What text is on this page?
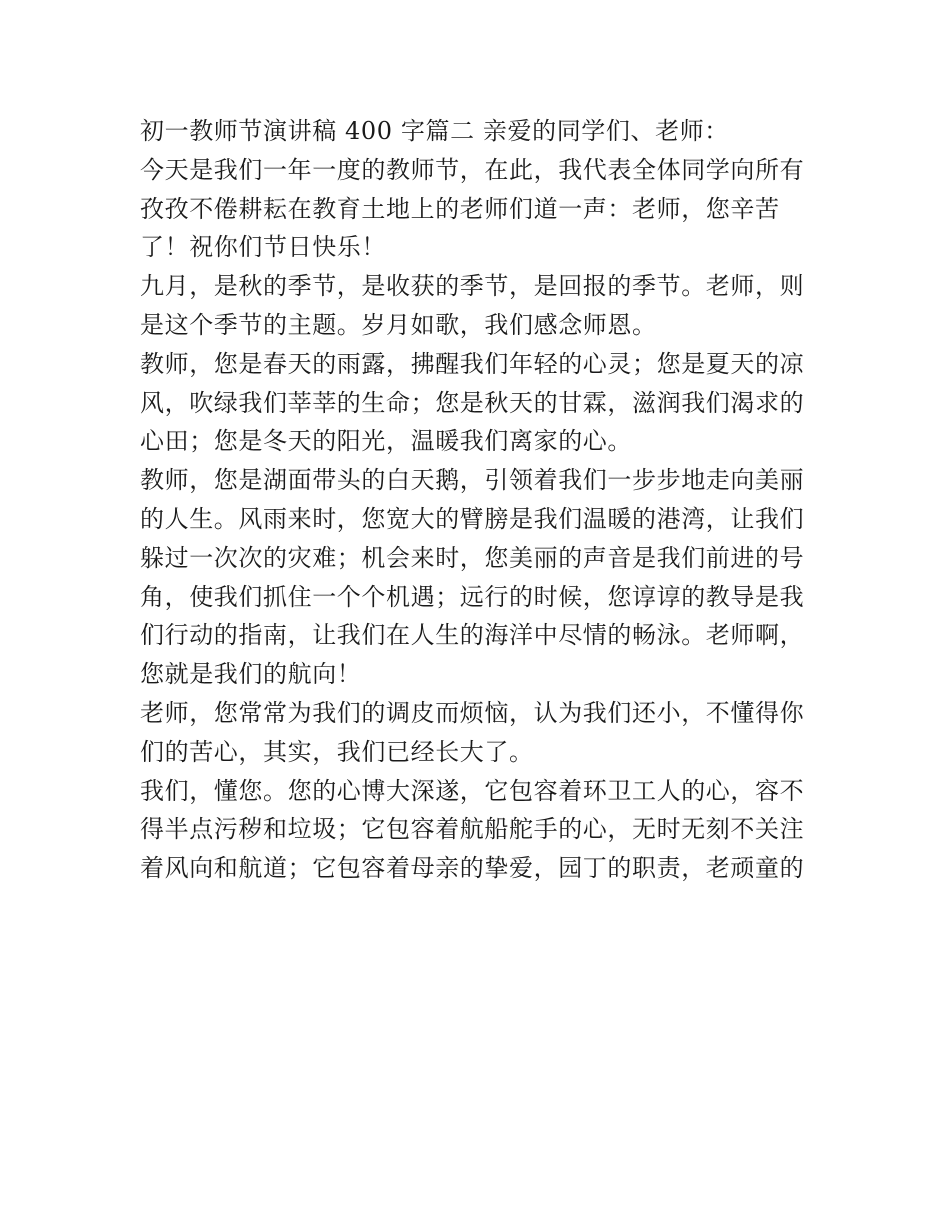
初一教师节演讲稿 400 字篇二 亲爱的同学们、老师：
今天是我们一年一度的教师节，在此，我代表全体同学向所有
孜孜不倦耕耘在教育土地上的老师们道一声：老师，您辛苦
了！祝你们节日快乐！
九月，是秋的季节，是收获的季节，是回报的季节。老师，则
是这个季节的主题。岁月如歌，我们感念师恩。
教师，您是春天的雨露，拂醒我们年轻的心灵；您是夏天的凉
风，吹绿我们莘莘的生命；您是秋天的甘霖，滋润我们渴求的
心田；您是冬天的阳光，温暖我们离家的心。
教师，您是湖面带头的白天鹅，引领着我们一步步地走向美丽
的人生。风雨来时，您宽大的臂膀是我们温暖的港湾，让我们
躲过一次次的灾难；机会来时，您美丽的声音是我们前进的号
角，使我们抓住一个个机遇；远行的时候，您谆谆的教导是我
们行动的指南，让我们在人生的海洋中尽情的畅泳。老师啊，
您就是我们的航向！
老师，您常常为我们的调皮而烦恼，认为我们还小，不懂得你
们的苦心，其实，我们已经长大了。
我们，懂您。您的心博大深遂，它包容着环卫工人的心，容不
得半点污秽和垃圾；它包容着航船舵手的心，无时无刻不关注
着风向和航道；它包容着母亲的挚爱，园丁的职责，老顽童的
